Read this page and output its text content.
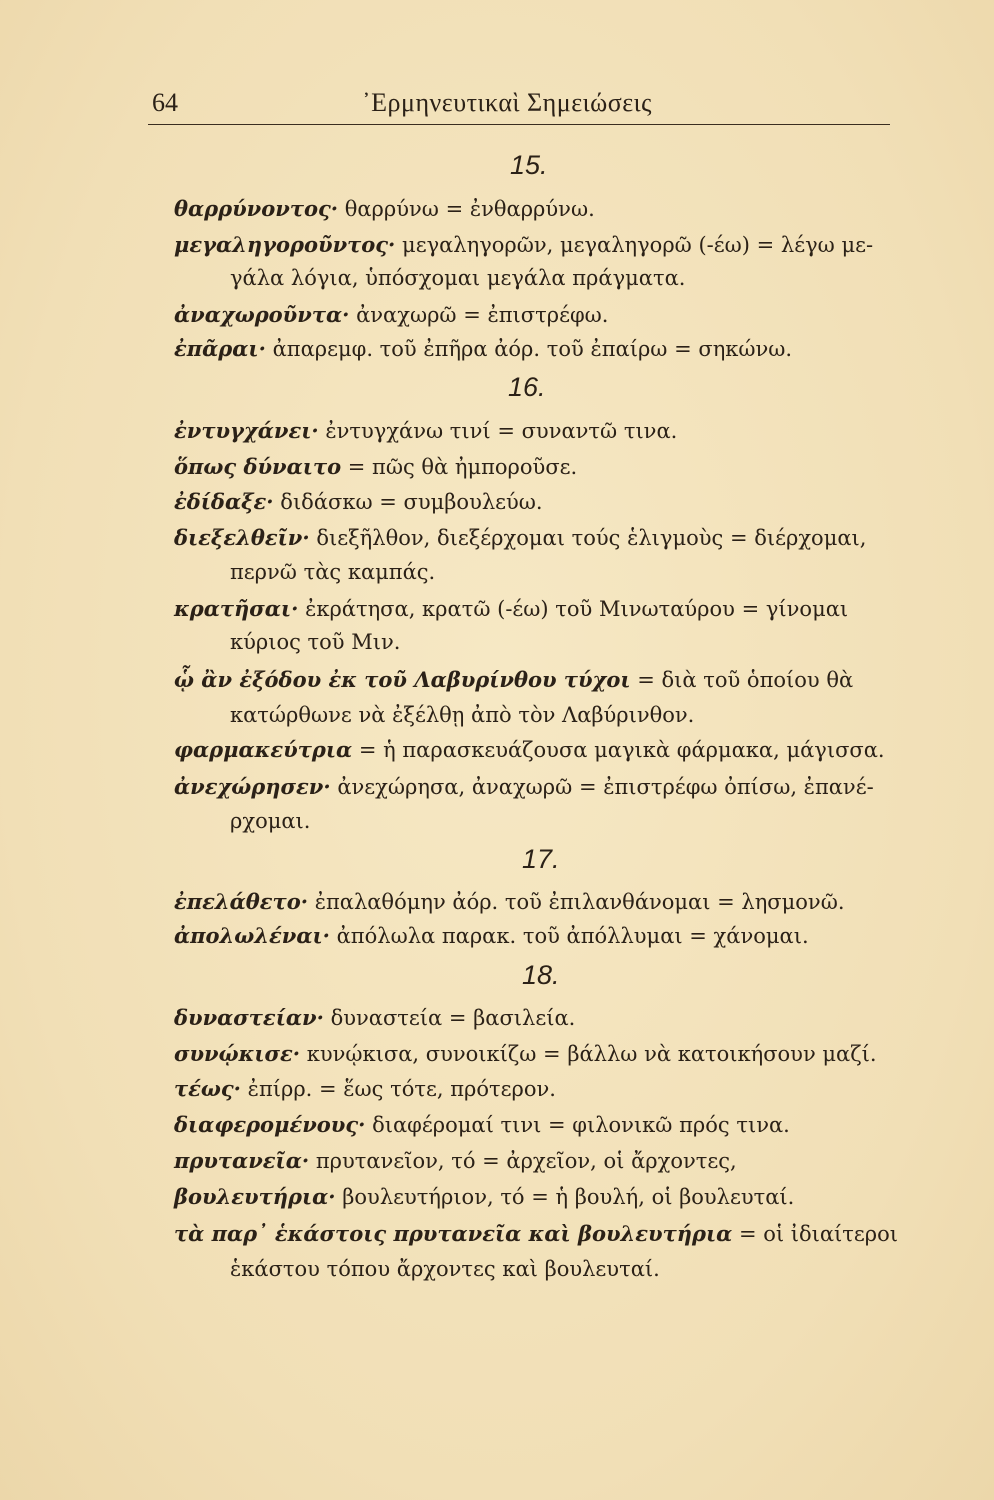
64	᾿Ερμηνευτικαὶ Σημειώσεις
15.
θαρρύνοντος· θαρρύνω = ἐνθαρρύνω.
μεγαληγοροῦντος· μεγαληγορῶν, μεγαληγορῶ (-έω) = λέγω με-
γάλα λόγια, ὑπόσχομαι μεγάλα πράγματα.
ἀναχωροῦντα· ἀναχωρῶ = ἐπιστρέφω.
ἐπᾶραι· ἀπαρεμφ. τοῦ ἐπῆρα ἀόρ. τοῦ ἐπαίρω = σηκώνω.
16.
ἐντυγχάνει· ἐντυγχάνω τινί = συναντῶ τινα.
ὅπως δύναιτο = πῶς θὰ ἠμποροῦσε.
ἐδίδαξε· διδάσκω = συμβουλεύω.
διεξελθεῖν· διεξῆλθον, διεξέρχομαι τούς ἑλιγμοὺς = διέρχομαι,
περνῶ τὰς καμπάς.
κρατῆσαι· ἐκράτησα, κρατῶ (-έω) τοῦ Μινωταύρου = γίνομαι
κύριος τοῦ Μιν.
ᾧ ἂν ἐξόδου ἐκ τοῦ Λαβυρίνθου τύχοι = διὰ τοῦ ὁποίου θὰ
κατώρθωνε νὰ ἐξέλθῃ ἀπὸ τὸν Λαβύρινθον.
φαρμακεύτρια = ἡ παρασκευάζουσα μαγικὰ φάρμακα, μάγισσα.
ἀνεχώρησεν· ἀνεχώρησα, ἀναχωρῶ = ἐπιστρέφω ὀπίσω, ἐπανέ-
ρχομαι.
17.
ἐπελάθετο· ἐπαλαθόμην ἀόρ. τοῦ ἐπιλανθάνομαι = λησμονῶ.
ἀπολωλέναι· ἀπόλωλα παρακ. τοῦ ἀπόλλυμαι = χάνομαι.
18.
δυναστείαν· δυναστεία = βασιλεία.
συνῴκισε· κυνῴκισα, συνοικίζω = βάλλω νὰ κατοικήσουν μαζί.
τέως· ἐπίρρ. = ἕως τότε, πρότερον.
διαφερομένους· διαφέρομαί τινι = φιλονικῶ πρός τινα.
πρυτανεῖα· πρυτανεῖον, τό = ἀρχεῖον, οἱ ἄρχοντες,
βουλευτήρια· βουλευτήριον, τό = ἡ βουλή, οἱ βουλευταί.
τὰ παρ᾿ ἑκάστοις πρυτανεῖα καὶ βουλευτήρια = οἱ ἰδιαίτεροι
ἑκάστου τόπου ἄρχοντες καὶ βουλευταί.
